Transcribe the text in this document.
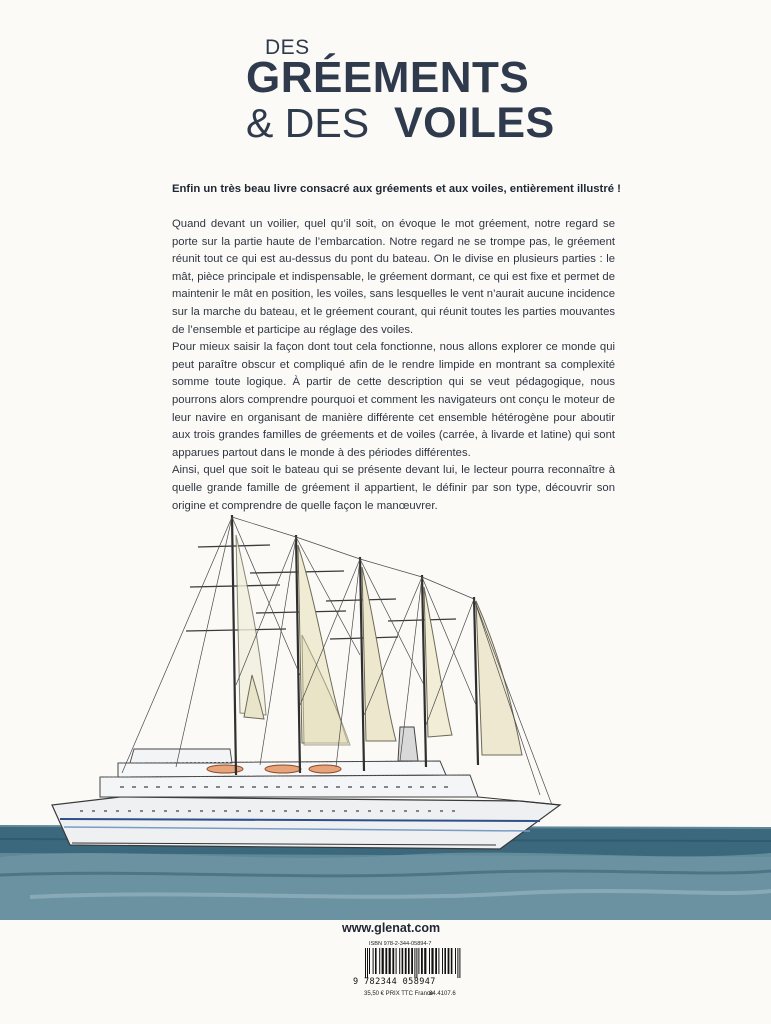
DES
GRÉEMENTS
& DES VOILES
Enfin un très beau livre consacré aux gréements et aux voiles, entièrement illustré !

Quand devant un voilier, quel qu’il soit, on évoque le mot gréement, notre regard se porte sur la partie haute de l’embarcation. Notre regard ne se trompe pas, le gréement réunit tout ce qui est au-dessus du pont du bateau. On le divise en plusieurs parties : le mât, pièce principale et indispensable, le gréement dormant, ce qui est fixe et permet de maintenir le mât en position, les voiles, sans lesquelles le vent n’aurait aucune incidence sur la marche du bateau, et le gréement courant, qui réunit toutes les parties mouvantes de l’ensemble et participe au réglage des voiles.

Pour mieux saisir la façon dont tout cela fonctionne, nous allons explorer ce monde qui peut paraître obscur et compliqué afin de le rendre limpide en montrant sa complexité somme toute logique. À partir de cette description qui se veut pédagogique, nous pourrons alors comprendre pourquoi et comment les navigateurs ont conçu le moteur de leur navire en organisant de manière différente cet ensemble hétérogène pour aboutir aux trois grandes familles de gréements et de voiles (carrée, à livarde et latine) qui sont apparues partout dans le monde à des périodes différentes.

Ainsi, quel que soit le bateau qui se présente devant lui, le lecteur pourra reconnaître à quelle grande famille de gréement il appartient, le définir par son type, découvrir son origine et comprendre de quelle façon le manœuvrer.

www.glenat.com
ISBN 978-2-344-05894-7
9 782344 058947
35,50 € PRIX TTC France
84.4107.6
